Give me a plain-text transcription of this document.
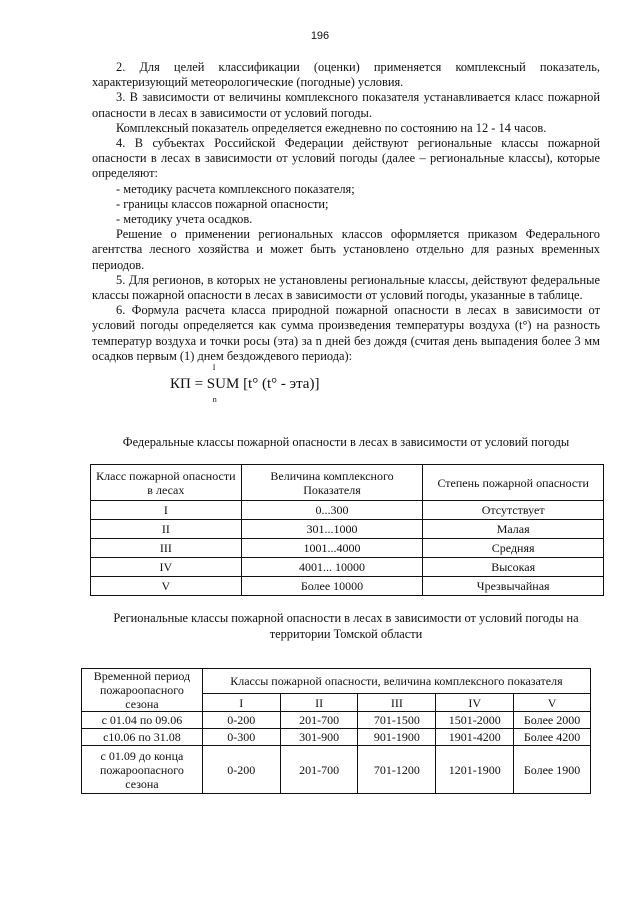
196

2. Для целей классификации (оценки) применяется комплексный показатель, характеризующий метеорологические (погодные) условия.

3. В зависимости от величины комплексного показателя устанавливается класс пожарной опасности в лесах в зависимости от условий погоды.

Комплексный показатель определяется ежедневно по состоянию на 12 - 14 часов.

4. В субъектах Российской Федерации действуют региональные классы пожарной опасности в лесах в зависимости от условий погоды (далее – региональные классы), которые определяют:

- методику расчета комплексного показателя;
- границы классов пожарной опасности;
- методику учета осадков.

Решение о применении региональных классов оформляется приказом Федерального агентства лесного хозяйства и может быть установлено отдельно для разных временных периодов.

5. Для регионов, в которых не установлены региональные классы, действуют федеральные классы пожарной опасности в лесах в зависимости от условий погоды, указанные в таблице.

6. Формула расчета класса природной пожарной опасности в лесах в зависимости от условий погоды определяется как сумма произведения температуры воздуха (t°) на разность температур воздуха и точки росы (эта) за n дней без дождя (считая день выпадения более 3 мм осадков первым (1) днем бездождевого периода):

КП =
I
SUM
n
[t° (t° - эта)]
Федеральные классы пожарной опасности в лесах в зависимости от условий погоды
Класс пожарной опасности в лесах	Величина комплексного Показателя	Степень пожарной опасности
I	0...300	Отсутствует
II	301...1000	Малая
III	1001...4000	Средняя
IV	4001... 10000	Высокая
V	Более 10000	Чрезвычайная
Региональные классы пожарной опасности в лесах в зависимости от условий погоды на территории Томской области
Временной период пожароопасного сезона	Классы пожарной опасности, величина комплексного показателя				
	I	II	III	IV	V
с 01.04 по 09.06	0-200	201-700	701-1500	1501-2000	Более 2000
с10.06 по 31.08	0-300	301-900	901-1900	1901-4200	Более 4200
с 01.09 до конца пожароопасного сезона	0-200	201-700	701-1200	1201-1900	Более 1900
